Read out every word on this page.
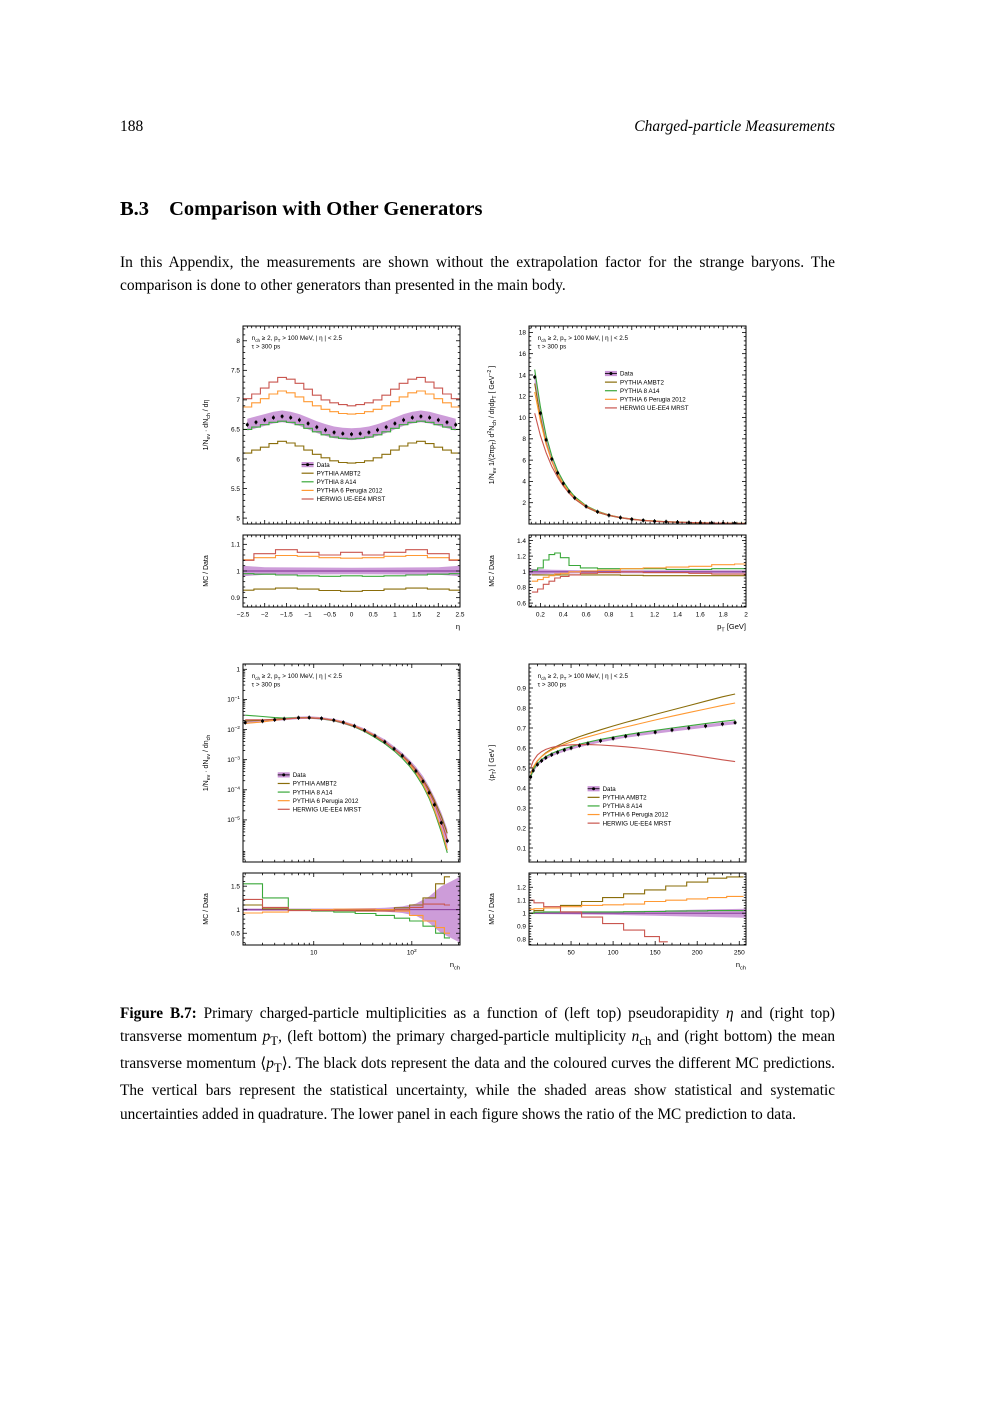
188	Charged-particle Measurements
B.3 Comparison with Other Generators

In this Appendix, the measurements are shown without the extrapolation factor for the strange baryons. The comparison is done to other generators than presented in the main body.

5
5.5
6
6.5
7
7.5
8
0.9
1
1.1
−2.5 −2 −1.5 −1 −0.5 0 0.5 1 1.5 2 2.5
$1/N_{ev} \cdot dN_{ch} / d\eta$
MC / Data
η
$n_{ch} \ge 2$, $p_T > 100$ MeV, | η | < 2.5
τ > 300 ps
Data
PYTHIA AMBT2
PYTHIA 8 A14
PYTHIA 6 Perugia 2012
HERWIG UE-EE4 MRST
2
4
6
8
10
12
14
16
18
0.6
0.8
1
1.2
1.4
0.2 0.4 0.6 0.8	1	1.2 1.4 1.6 1.8	2
$1/N_{ev}$ $1/(2\pi p_T)$ $d^2N_{ch} / d\eta dp_T$ [ GeV$^{-2}$ ]
MC / Data
$p_T$ [GeV]
$n_{ch} \ge 2$, $p_T > 100$ MeV, | η | < 2.5
τ > 300 ps
Data
PYTHIA AMBT2
PYTHIA 8 A14
PYTHIA 6 Perugia 2012
HERWIG UE-EE4 MRST
1
$10^{-1}$
$10^{-2}$
$10^{-3}$
$10^{-4}$
$10^{-5}$
0.5
1
1.5
10	$10^2$
$1/N_{ev} \cdot dN_{ev} / dn_{ch}$
MC / Data
$n_{ch}$
$n_{ch} \ge 2$, $p_T > 100$ MeV, | η | < 2.5
τ > 300 ps
Data
PYTHIA AMBT2
PYTHIA 8 A14
PYTHIA 6 Perugia 2012
HERWIG UE-EE4 MRST
0.1
0.2
0.3
0.4
0.5
0.6
0.7
0.8
0.9
0.8
0.9
1
1.1
1.2
50	100	150	200	250
$⟨p_T⟩$ [ GeV ]
MC / Data
$n_{ch}$
$n_{ch} \ge 2$, $p_T > 100$ MeV, | η | < 2.5
τ > 300 ps
Data
PYTHIA AMBT2
PYTHIA 8 A14
PYTHIA 6 Perugia 2012
HERWIG UE-EE4 MRST

Figure B.7: Primary charged-particle multiplicities as a function of (left top) pseudorapidity η and (right top) transverse momentum $p_T$, (left bottom) the primary charged-particle multiplicity $n_{ch}$ and (right bottom) the mean transverse momentum $⟨p_T⟩$. The black dots represent the data and the coloured curves the different MC predictions. The vertical bars represent the statistical uncertainty, while the shaded areas show statistical and systematic uncertainties added in quadrature. The lower panel in each figure shows the ratio of the MC prediction to data.
